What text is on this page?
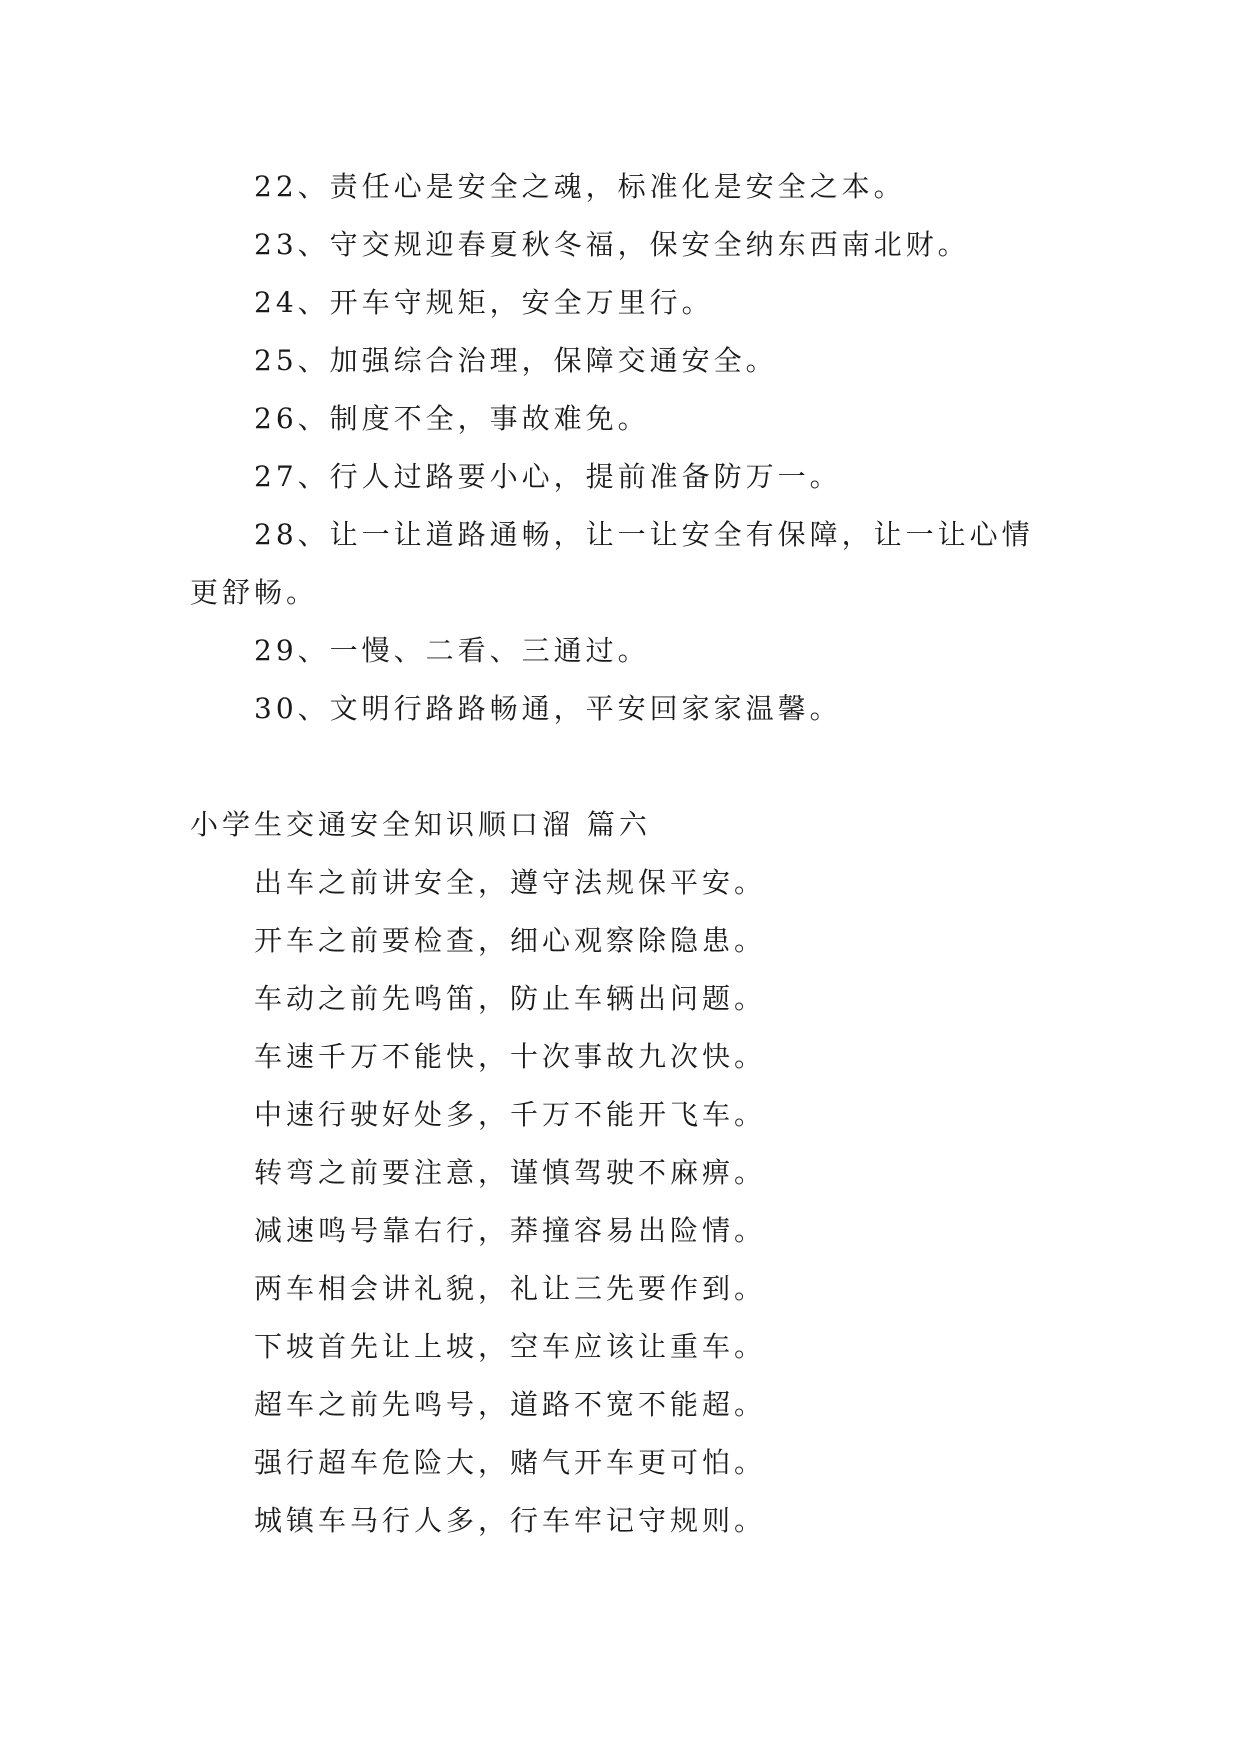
22、责任心是安全之魂，标准化是安全之本。
23、守交规迎春夏秋冬福，保安全纳东西南北财。
24、开车守规矩，安全万里行。
25、加强综合治理，保障交通安全。
26、制度不全，事故难免。
27、行人过路要小心，提前准备防万一。
28、让一让道路通畅，让一让安全有保障，让一让心情更舒畅。
29、一慢、二看、三通过。
30、文明行路路畅通，平安回家家温馨。
小学生交通安全知识顺口溜 篇六
出车之前讲安全，遵守法规保平安。
开车之前要检查，细心观察除隐患。
车动之前先鸣笛，防止车辆出问题。
车速千万不能快，十次事故九次快。
中速行驶好处多，千万不能开飞车。
转弯之前要注意，谨慎驾驶不麻痹。
减速鸣号靠右行，莽撞容易出险情。
两车相会讲礼貌，礼让三先要作到。
下坡首先让上坡，空车应该让重车。
超车之前先鸣号，道路不宽不能超。
强行超车危险大，赌气开车更可怕。
城镇车马行人多，行车牢记守规则。
